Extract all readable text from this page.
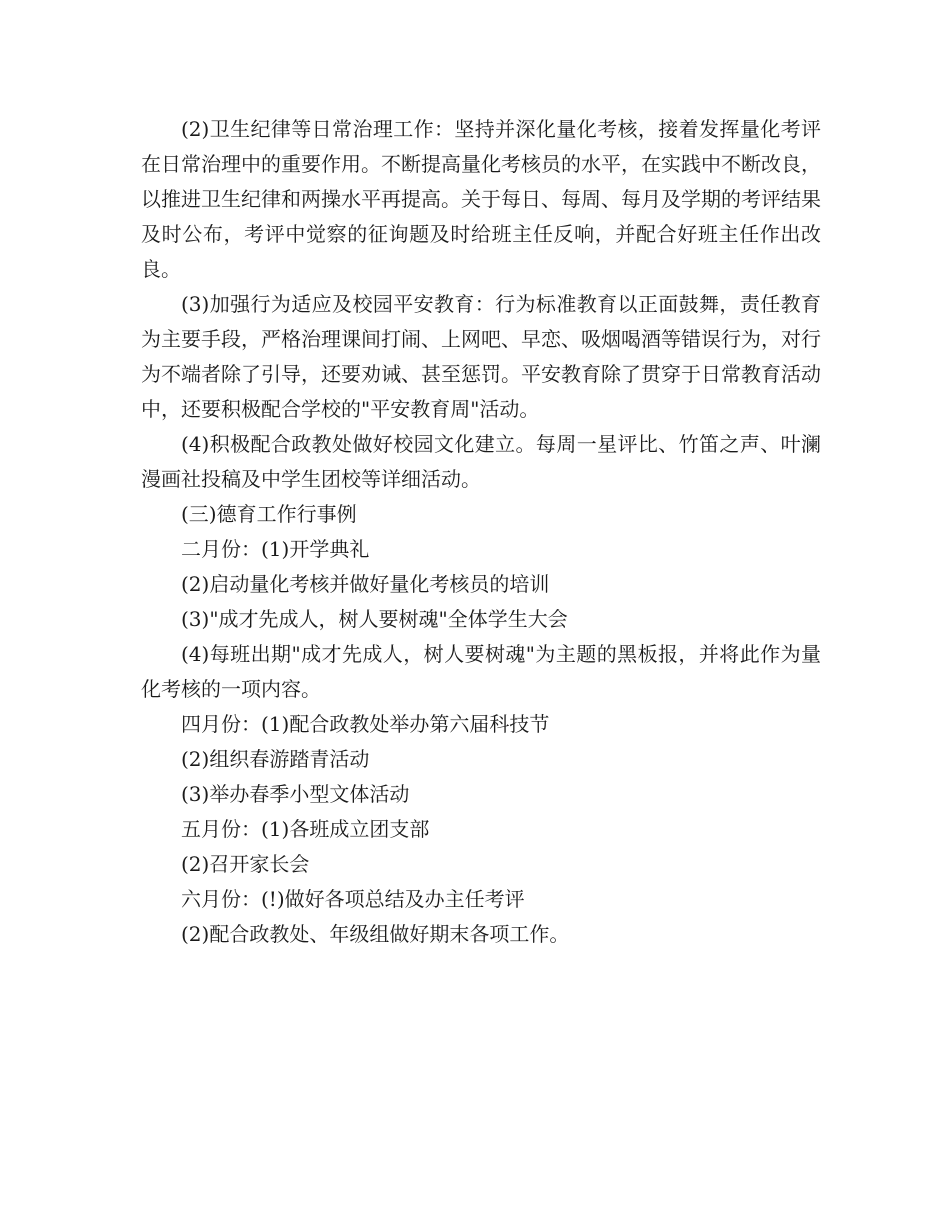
(2)卫生纪律等日常治理工作：坚持并深化量化考核，接着发挥量化考评在日常治理中的重要作用。不断提高量化考核员的水平，在实践中不断改良，以推进卫生纪律和两操水平再提高。关于每日、每周、每月及学期的考评结果及时公布，考评中觉察的征询题及时给班主任反响，并配合好班主任作出改良。

(3)加强行为适应及校园平安教育：行为标准教育以正面鼓舞，责任教育为主要手段，严格治理课间打闹、上网吧、早恋、吸烟喝酒等错误行为，对行为不端者除了引导，还要劝诫、甚至惩罚。平安教育除了贯穿于日常教育活动中，还要积极配合学校的"平安教育周"活动。

(4)积极配合政教处做好校园文化建立。每周一星评比、竹笛之声、叶澜漫画社投稿及中学生团校等详细活动。

(三)德育工作行事例

二月份：(1)开学典礼

(2)启动量化考核并做好量化考核员的培训

(3)"成才先成人，树人要树魂"全体学生大会

(4)每班出期"成才先成人，树人要树魂"为主题的黑板报，并将此作为量化考核的一项内容。

四月份：(1)配合政教处举办第六届科技节

(2)组织春游踏青活动

(3)举办春季小型文体活动

五月份：(1)各班成立团支部

(2)召开家长会

六月份：(!)做好各项总结及办主任考评

(2)配合政教处、年级组做好期末各项工作。
